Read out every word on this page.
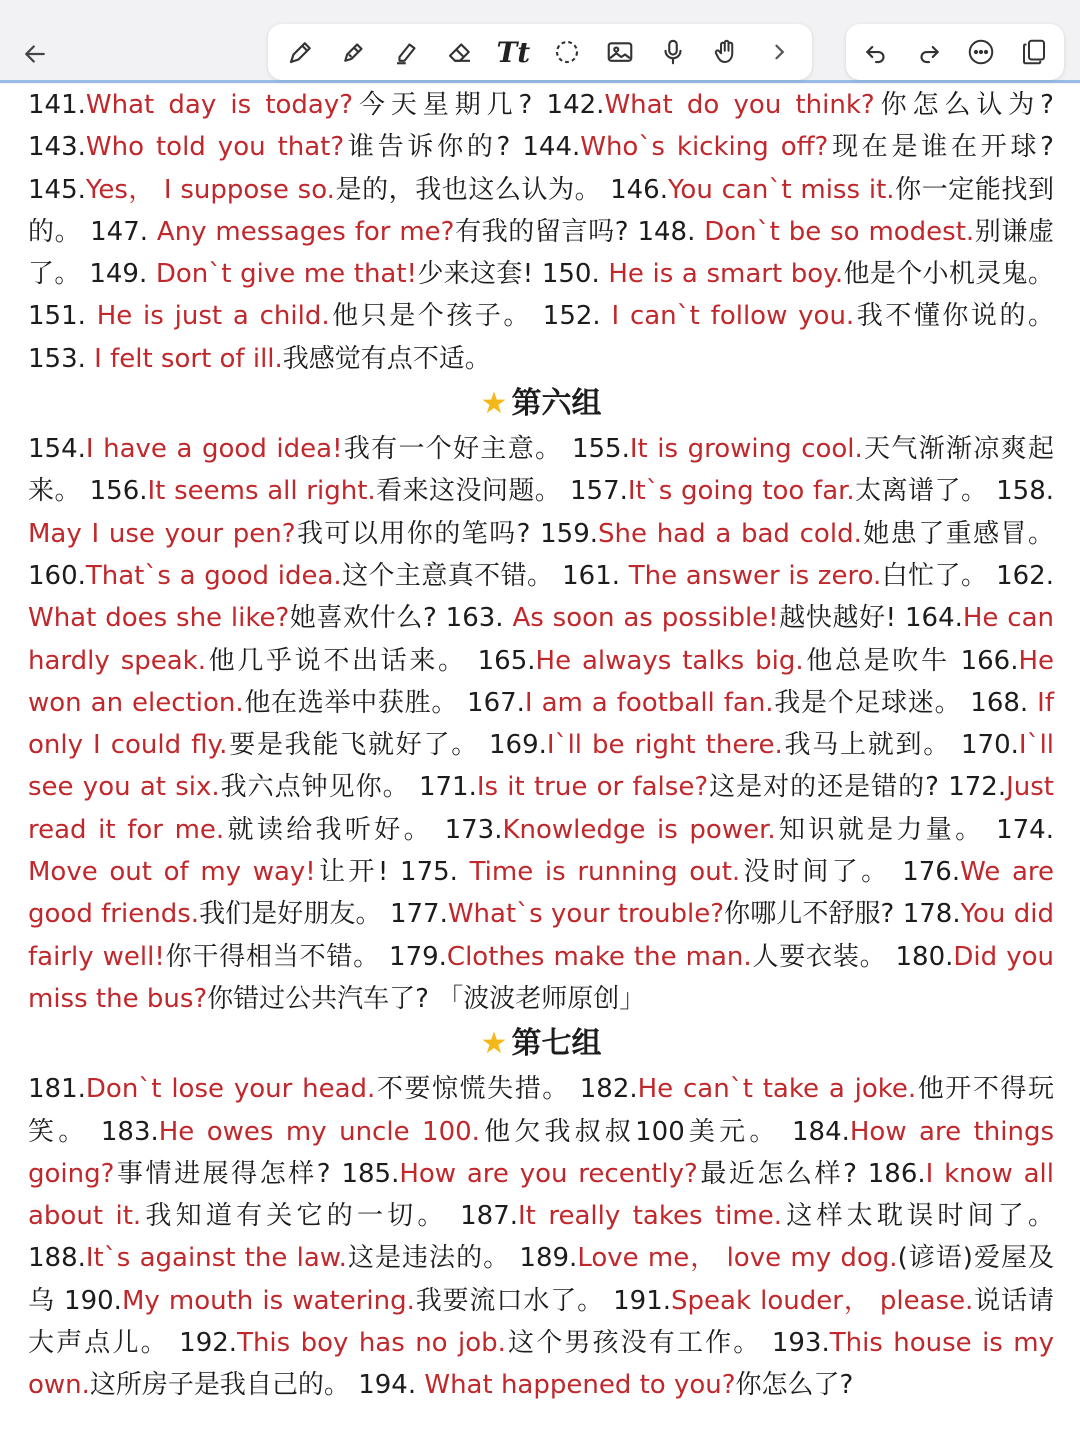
Tt

141.What day is today?今天星期几? 142.What do you think?你怎么认为? 143.Who told you that?谁告诉你的? 144.Who`s kicking off?现在是谁在开球? 145.Yes， I suppose so.是的，我也这么认为。 146.You can`t miss it.你一定能找到的。 147. Any messages for me?有我的留言吗? 148. Don`t be so modest.别谦虚了。 149. Don`t give me that!少来这套! 150. He is a smart boy.他是个小机灵鬼。 151. He is just a child.他只是个孩子。 152. I can`t follow you.我不懂你说的。 153. I felt sort of ill.我感觉有点不适。

★ 第六组

154.I have a good idea!我有一个好主意。 155.It is growing cool.天气渐渐凉爽起来。 156.It seems all right.看来这没问题。 157.It`s going too far.太离谱了。 158. May I use your pen?我可以用你的笔吗? 159.She had a bad cold.她患了重感冒。 160.That`s a good idea.这个主意真不错。 161. The answer is zero.白忙了。 162. What does she like?她喜欢什么? 163. As soon as possible!越快越好! 164.He can hardly speak.他几乎说不出话来。 165.He always talks big.他总是吹牛 166.He won an election.他在选举中获胜。 167.I am a football fan.我是个足球迷。 168. If only I could fly.要是我能飞就好了。 169.I`ll be right there.我马上就到。 170.I`ll see you at six.我六点钟见你。 171.Is it true or false?这是对的还是错的? 172.Just read it for me.就读给我听好。 173.Knowledge is power.知识就是力量。 174. Move out of my way!让开! 175. Time is running out.没时间了。 176.We are good friends.我们是好朋友。 177.What`s your trouble?你哪儿不舒服? 178.You did fairly well!你干得相当不错。 179.Clothes make the man.人要衣装。 180.Did you miss the bus?你错过公共汽车了? 「波波老师原创」

★ 第七组

181.Don`t lose your head.不要惊慌失措。 182.He can`t take a joke.他开不得玩笑。 183.He owes my uncle 100.他欠我叔叔100美元。 184.How are things going?事情进展得怎样? 185.How are you recently?最近怎么样? 186.I know all about it.我知道有关它的一切。 187.It really takes time.这样太耽误时间了。 188.It`s against the law.这是违法的。 189.Love me， love my dog.(谚语)爱屋及乌 190.My mouth is watering.我要流口水了。 191.Speak louder， please.说话请大声点儿。 192.This boy has no job.这个男孩没有工作。 193.This house is my own.这所房子是我自己的。 194. What happened to you?你怎么了?
